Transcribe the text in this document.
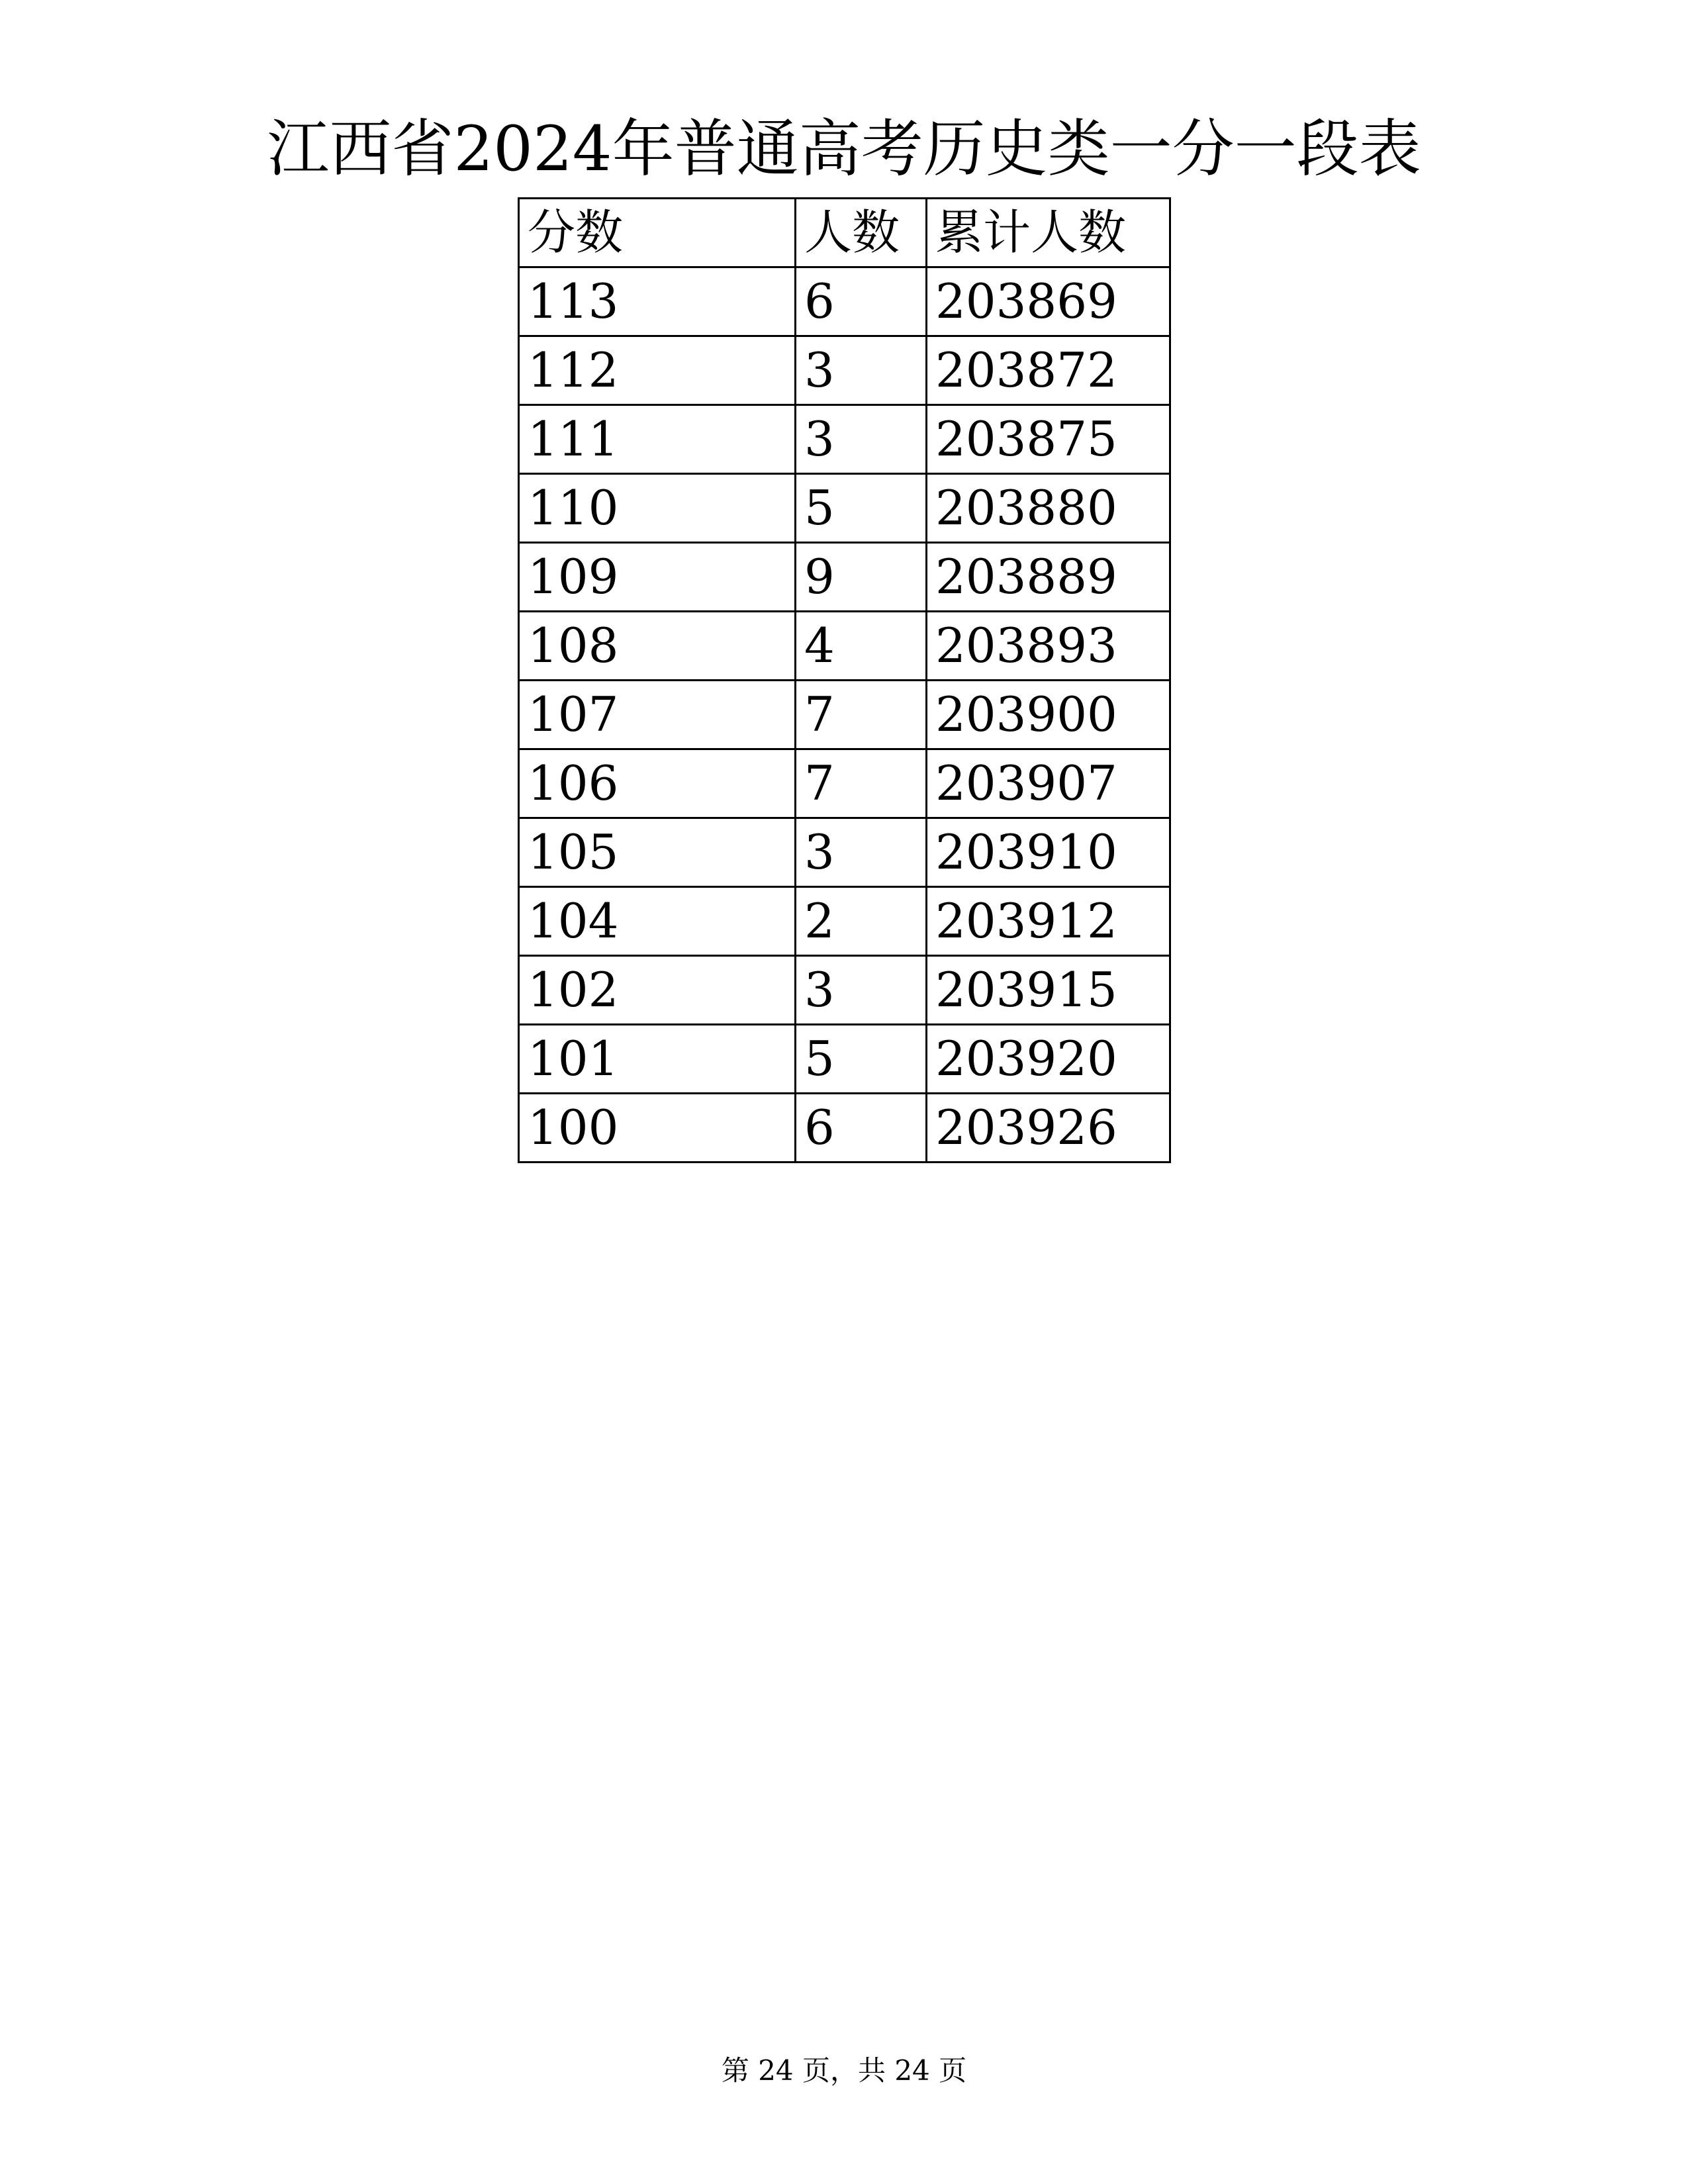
江西省2024年普通高考历史类一分一段表
分数	人数	累计人数
113	6	203869
112	3	203872
111	3	203875
110	5	203880
109	9	203889
108	4	203893
107	7	203900
106	7	203907
105	3	203910
104	2	203912
102	3	203915
101	5	203920
100	6	203926
第 24 页，共 24 页
